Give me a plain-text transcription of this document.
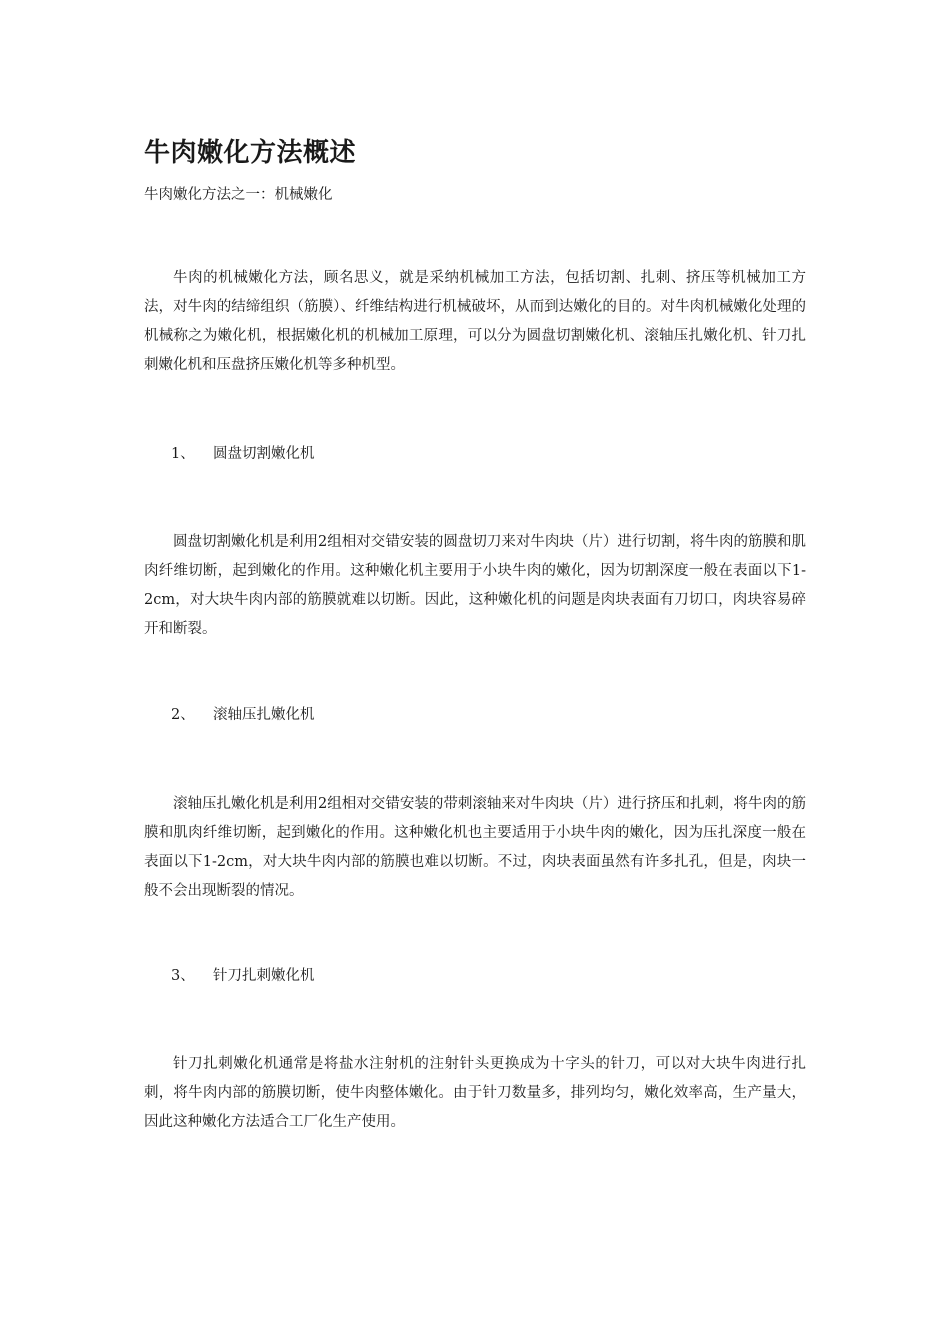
牛肉嫩化方法概述

牛肉嫩化方法之一：机械嫩化

牛肉的机械嫩化方法，顾名思义，就是采纳机械加工方法，包括切割、扎刺、挤压等机械加工方法，对牛肉的结缔组织（筋膜）、纤维结构进行机械破坏，从而到达嫩化的目的。对牛肉机械嫩化处理的机械称之为嫩化机，根据嫩化机的机械加工原理，可以分为圆盘切割嫩化机、滚轴压扎嫩化机、针刀扎刺嫩化机和压盘挤压嫩化机等多种机型。

1、 圆盘切割嫩化机

圆盘切割嫩化机是利用2组相对交错安装的圆盘切刀来对牛肉块（片）进行切割，将牛肉的筋膜和肌肉纤维切断，起到嫩化的作用。这种嫩化机主要用于小块牛肉的嫩化，因为切割深度一般在表面以下1-2cm，对大块牛肉内部的筋膜就难以切断。因此，这种嫩化机的问题是肉块表面有刀切口，肉块容易碎开和断裂。

2、 滚轴压扎嫩化机

滚轴压扎嫩化机是利用2组相对交错安装的带刺滚轴来对牛肉块（片）进行挤压和扎刺，将牛肉的筋膜和肌肉纤维切断，起到嫩化的作用。这种嫩化机也主要适用于小块牛肉的嫩化，因为压扎深度一般在表面以下1-2cm，对大块牛肉内部的筋膜也难以切断。不过，肉块表面虽然有许多扎孔，但是，肉块一般不会出现断裂的情况。

3、 针刀扎刺嫩化机

针刀扎刺嫩化机通常是将盐水注射机的注射针头更换成为十字头的针刀，可以对大块牛肉进行扎刺，将牛肉内部的筋膜切断，使牛肉整体嫩化。由于针刀数量多，排列均匀，嫩化效率高，生产量大，因此这种嫩化方法适合工厂化生产使用。
